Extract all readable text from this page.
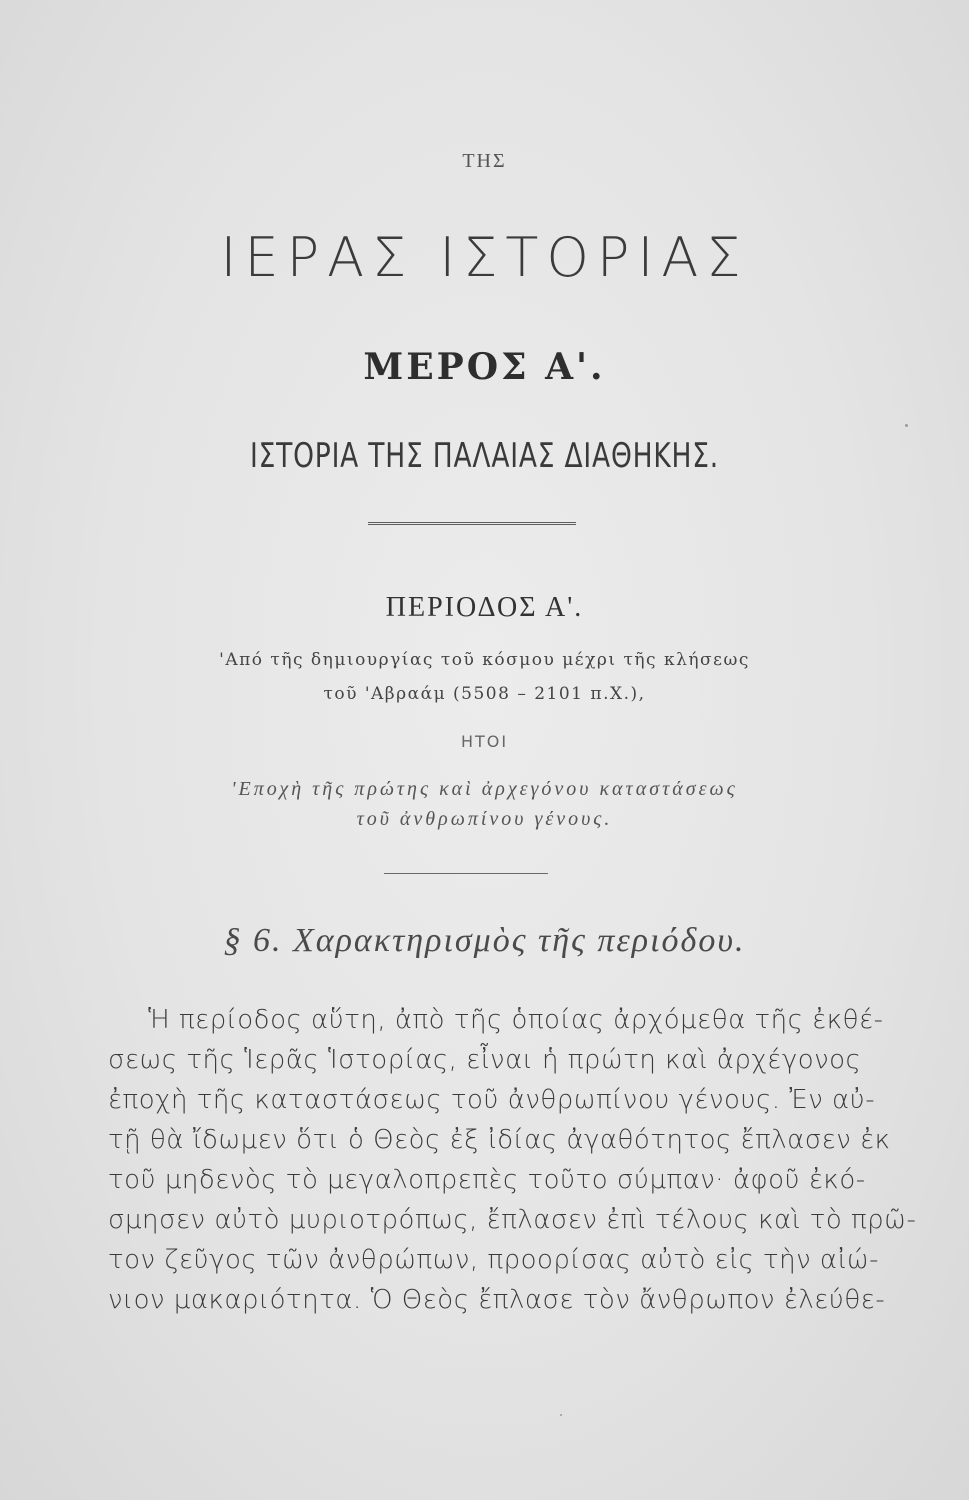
ΤΗΣ
ΙΕΡΑΣ ΙΣΤΟΡΙΑΣ
ΜΕΡΟΣ Α'.
ΙΣΤΟΡΙΑ ΤΗΣ ΠΑΛΑΙΑΣ ΔΙΑΘΗΚΗΣ.
ΠΕΡΙΟΔΟΣ Α'.
'Από τῆς δημιουργίας τοῦ κόσμου μέχρι τῆς κλήσεως
τοῦ 'Αβραάμ (5508 – 2101 π.Χ.),
ΗΤΟΙ
'Εποχὴ τῆς πρώτης καὶ ἀρχεγόνου καταστάσεως
τοῦ ἀνθρωπίνου γένους.
§ 6. Χαρακτηρισμὸς τῆς περιόδου.
Ἡ περίοδος αὕτη, ἀπὸ τῆς ὁποίας ἀρχόμεθα τῆς ἐκθέ-
σεως τῆς Ἱερᾶς Ἱστορίας, εἶναι ἡ πρώτη καὶ ἀρχέγονος
ἐποχὴ τῆς καταστάσεως τοῦ ἀνθρωπίνου γένους. Ἐν αὐ-
τῇ θὰ ἴδωμεν ὅτι ὁ Θεὸς ἐξ ἰδίας ἀγαθότητος ἔπλασεν ἐκ
τοῦ μηδενὸς τὸ μεγαλοπρεπὲς τοῦτο σύμπαν· ἀφοῦ ἐκό-
σμησεν αὐτὸ μυριοτρόπως, ἔπλασεν ἐπὶ τέλους καὶ τὸ πρῶ-
τον ζεῦγος τῶν ἀνθρώπων, προορίσας αὐτὸ εἰς τὴν αἰώ-
νιον μακαριότητα. Ὁ Θεὸς ἔπλασε τὸν ἄνθρωπον ἐλεύθε-
